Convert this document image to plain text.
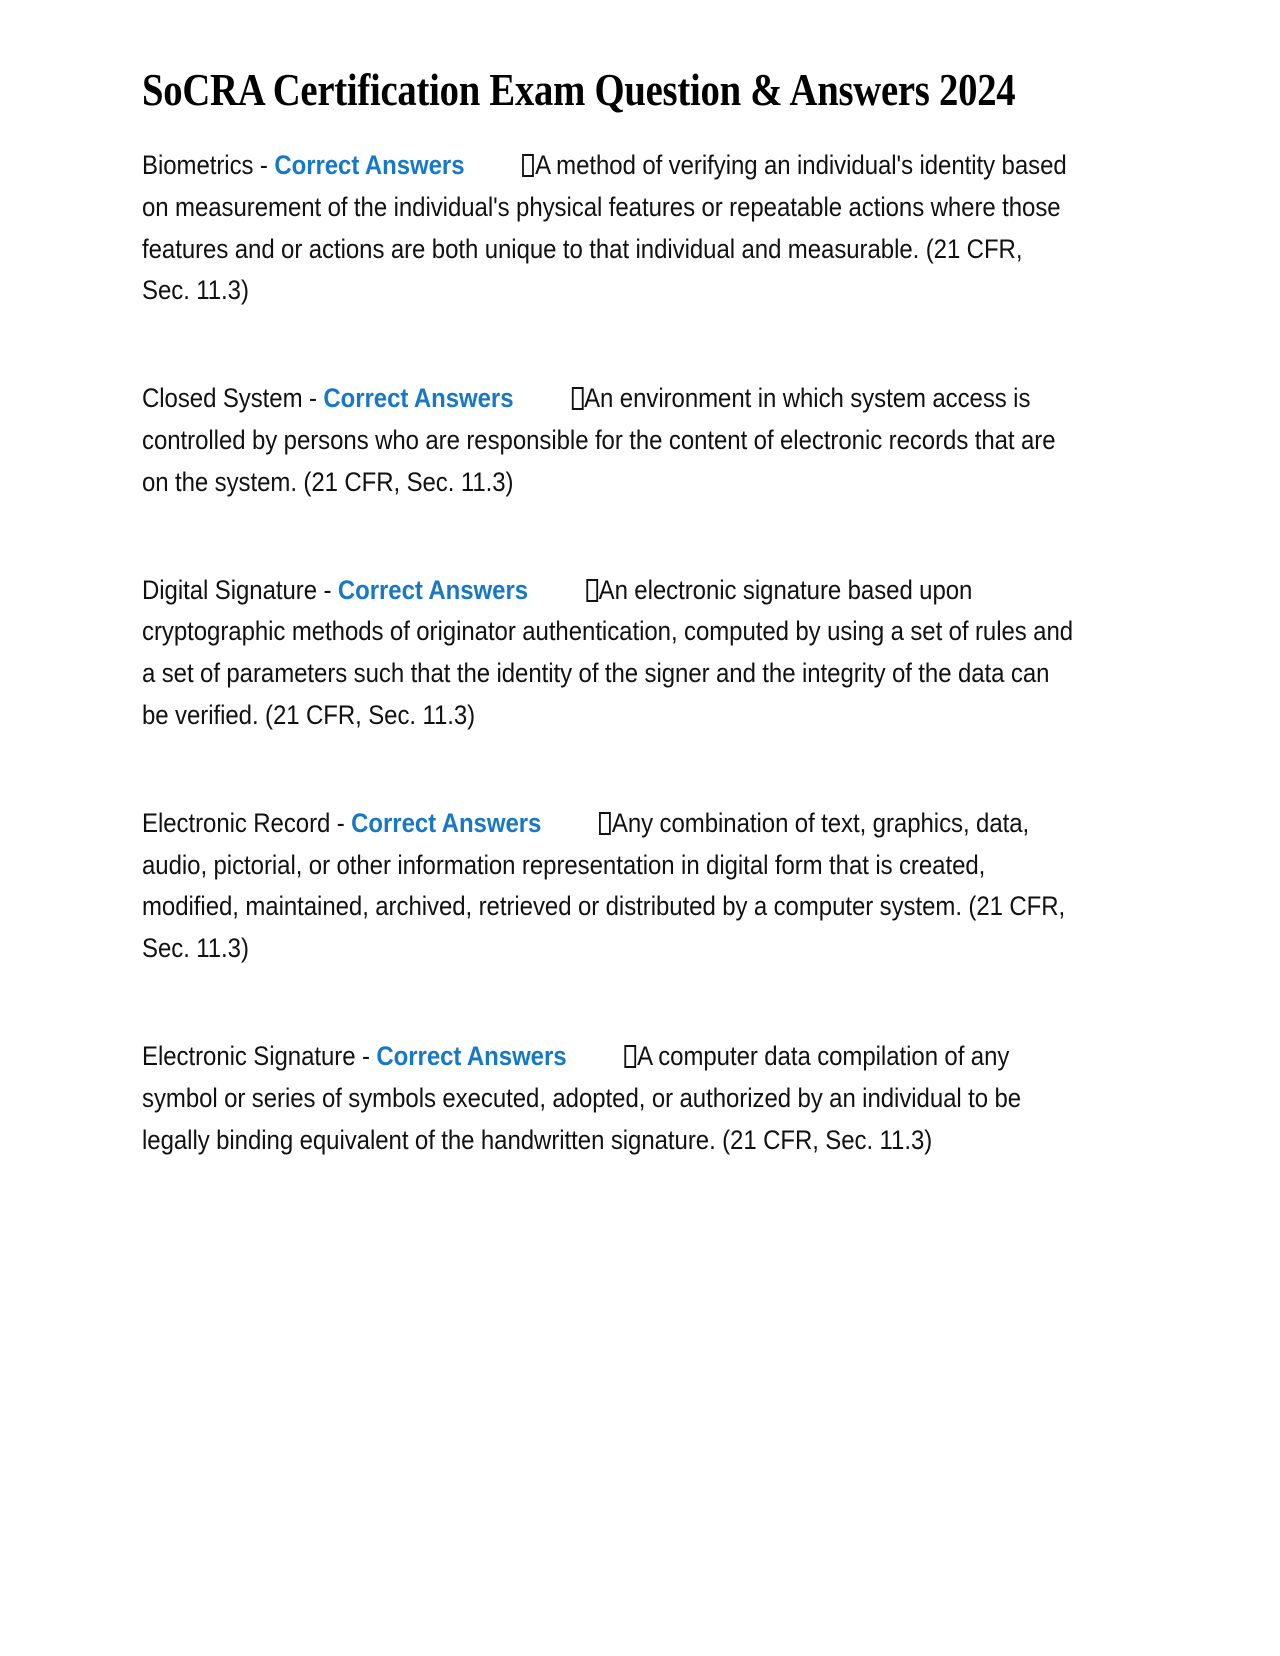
SoCRA Certification Exam Question & Answers 2024

Biometrics - Correct Answers	A method of verifying an individual's identity based on measurement of the individual's physical features or repeatable actions where those features and or actions are both unique to that individual and measurable. (21 CFR, Sec. 11.3)

Closed System - Correct Answers	An environment in which system access is controlled by persons who are responsible for the content of electronic records that are on the system. (21 CFR, Sec. 11.3)

Digital Signature - Correct Answers	An electronic signature based upon cryptographic methods of originator authentication, computed by using a set of rules and a set of parameters such that the identity of the signer and the integrity of the data can be verified. (21 CFR, Sec. 11.3)

Electronic Record - Correct Answers	Any combination of text, graphics, data, audio, pictorial, or other information representation in digital form that is created, modified, maintained, archived, retrieved or distributed by a computer system. (21 CFR, Sec. 11.3)

Electronic Signature - Correct Answers	A computer data compilation of any symbol or series of symbols executed, adopted, or authorized by an individual to be legally binding equivalent of the handwritten signature. (21 CFR, Sec. 11.3)
